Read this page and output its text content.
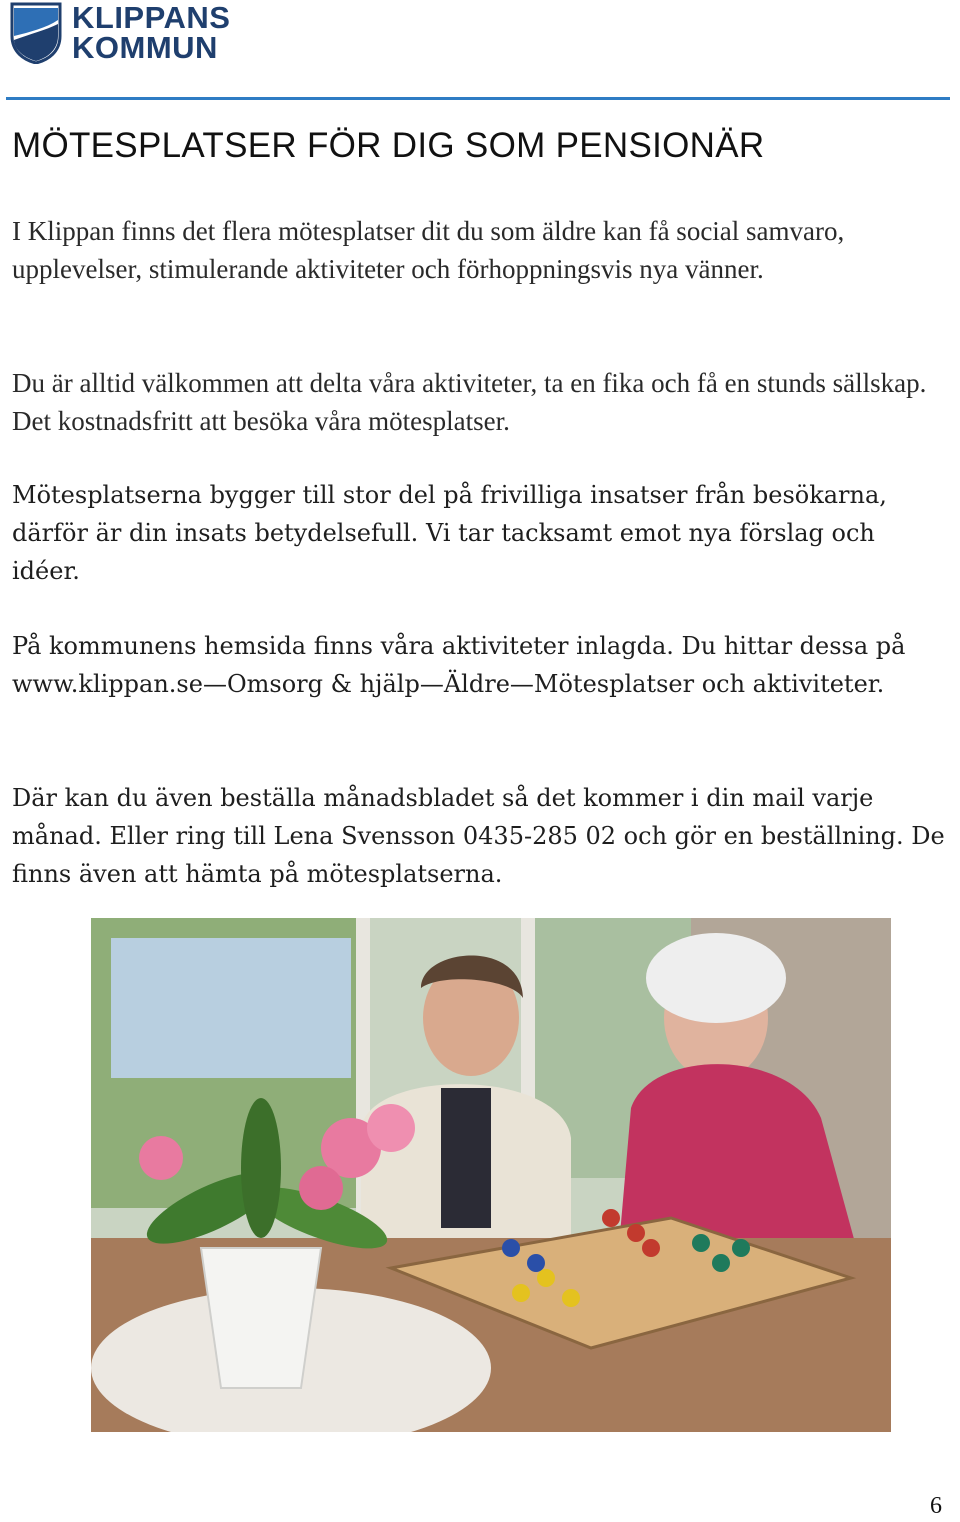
KLIPPANS
KOMMUN
MÖTESPLATSER FÖR DIG SOM PENSIONÄR

I Klippan finns det flera mötesplatser dit du som äldre kan få social samvaro, upplevelser, stimulerande aktiviteter och förhoppningsvis nya vänner.

Du är alltid välkommen att delta våra aktiviteter, ta en fika och få en stunds sällskap. Det kostnadsfritt att besöka våra mötesplatser.

Mötesplatserna bygger till stor del på frivilliga insatser från besökarna, därför är din insats betydelsefull. Vi tar tacksamt emot nya förslag och idéer.

På kommunens hemsida finns våra aktiviteter inlagda. Du hittar dessa på www.klippan.se—Omsorg & hjälp—Äldre—Mötesplatser och aktiviteter.

Där kan du även beställa månadsbladet så det kommer i din mail varje månad. Eller ring till Lena Svensson 0435-285 02 och gör en beställning. De finns även att hämta på mötesplatserna.

6
